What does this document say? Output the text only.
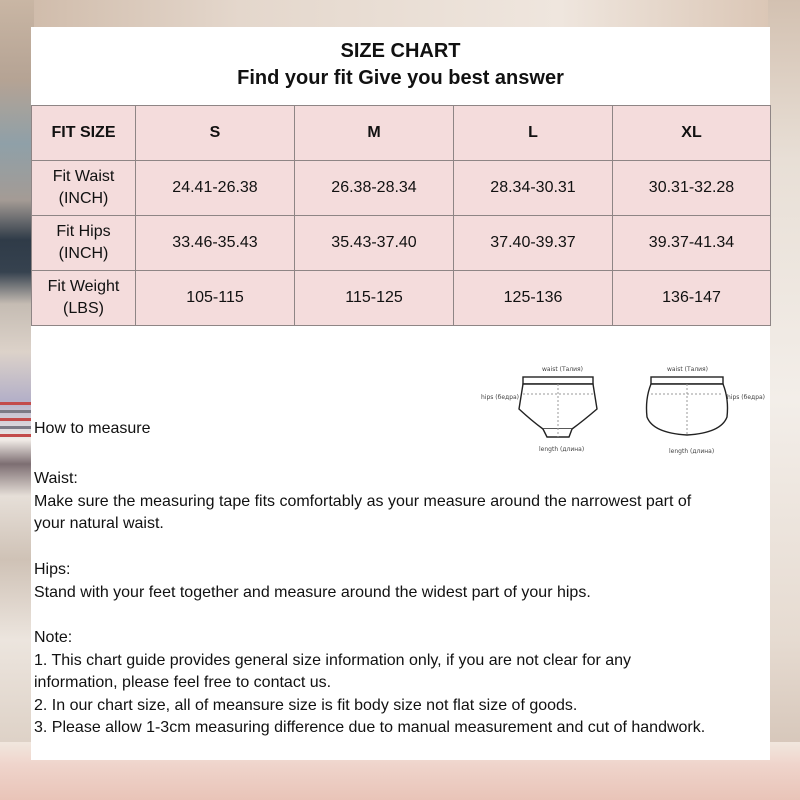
SIZE CHART
Find your fit Give you best answer
FIT SIZE	S	M	L	XL
Fit Waist
(INCH)	24.41-26.38	26.38-28.34	28.34-30.31	30.31-32.28
Fit Hips
(INCH)	33.46-35.43	35.43-37.40	37.40-39.37	39.37-41.34
Fit Weight
(LBS)	105-115	115-125	125-136	136-147
waist (Талия)
hips (бедра)
length (длина)
waist (Талия)
hips (бедра)
length (длина)
How to measure
Waist:
Make sure the measuring tape fits comfortably as your measure around the narrowest part of
your natural waist.
Hips:
Stand with your feet together and measure around the widest part of your hips.
Note:
1. This chart guide provides general size information only, if you are not clear for any
information, please feel free to contact us.
2. In our chart size, all of meansure size is fit body size not flat size of goods.
3. Please allow 1-3cm measuring difference due to manual measurement and cut of handwork.
